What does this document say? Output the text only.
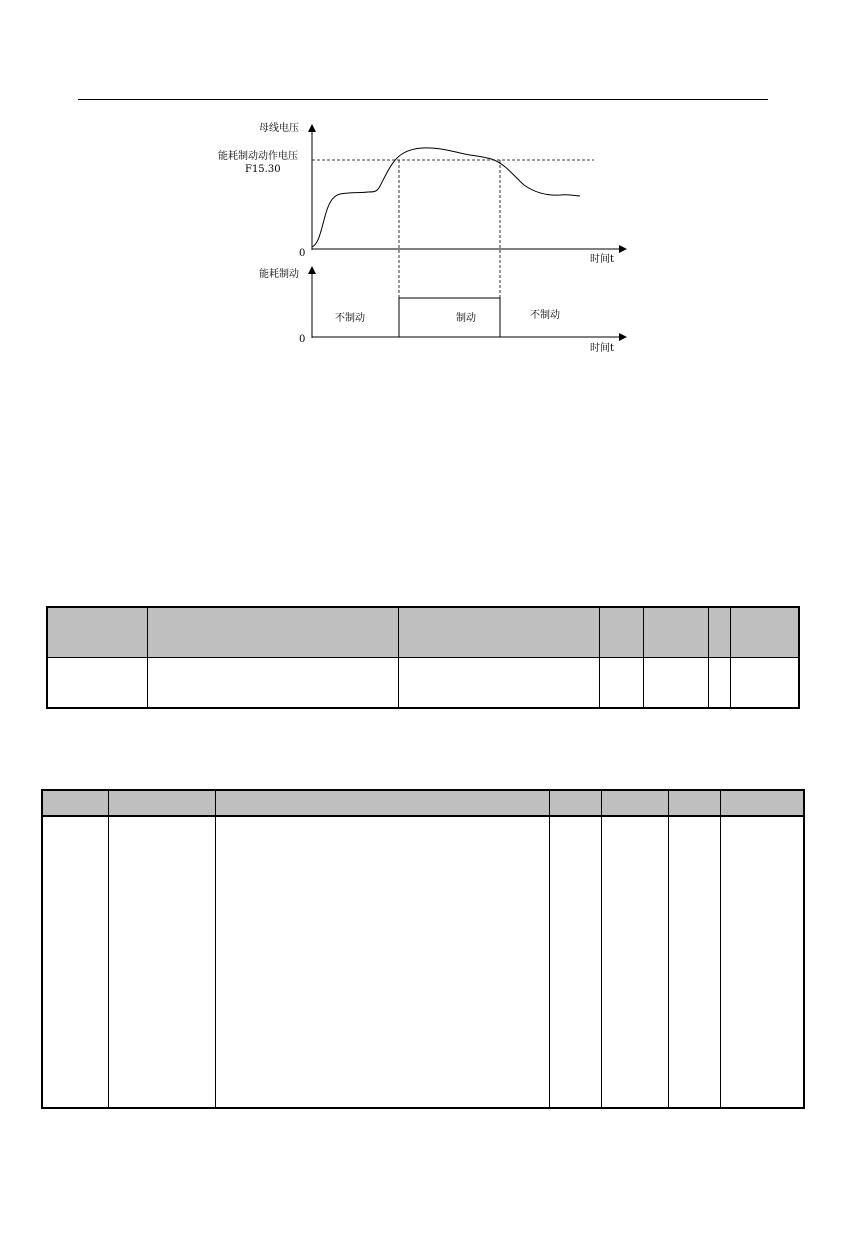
母线电压
能耗制动动作电压
F15.30
0
时间t
能耗制动
0
时间t
不制动	制动	不制动
